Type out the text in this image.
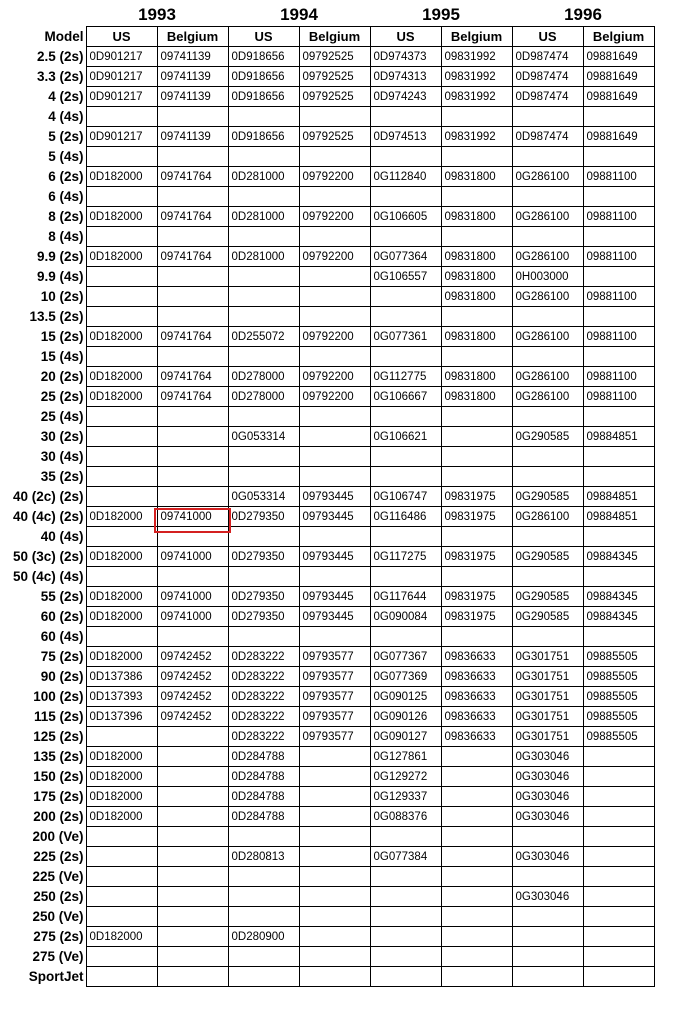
1993	1994	1995	1996
Model	US	Belgium	US	Belgium	US	Belgium	US	Belgium
2.5 (2s)	0D901217	09741139	0D918656	09792525	0D974373	09831992	0D987474	09881649
3.3 (2s)	0D901217	09741139	0D918656	09792525	0D974313	09831992	0D987474	09881649
4 (2s)	0D901217	09741139	0D918656	09792525	0D974243	09831992	0D987474	09881649
4 (4s)								
5 (2s)	0D901217	09741139	0D918656	09792525	0D974513	09831992	0D987474	09881649
5 (4s)								
6 (2s)	0D182000	09741764	0D281000	09792200	0G112840	09831800	0G286100	09881100
6 (4s)								
8 (2s)	0D182000	09741764	0D281000	09792200	0G106605	09831800	0G286100	09881100
8 (4s)								
9.9 (2s)	0D182000	09741764	0D281000	09792200	0G077364	09831800	0G286100	09881100
9.9 (4s)					0G106557	09831800	0H003000	
10 (2s)						09831800	0G286100	09881100
13.5 (2s)								
15 (2s)	0D182000	09741764	0D255072	09792200	0G077361	09831800	0G286100	09881100
15 (4s)								
20 (2s)	0D182000	09741764	0D278000	09792200	0G112775	09831800	0G286100	09881100
25 (2s)	0D182000	09741764	0D278000	09792200	0G106667	09831800	0G286100	09881100
25 (4s)								
30 (2s)			0G053314		0G106621		0G290585	09884851
30 (4s)								
35 (2s)								
40 (2c) (2s)			0G053314	09793445	0G106747	09831975	0G290585	09884851
40 (4c) (2s)	0D182000	09741000	0D279350	09793445	0G116486	09831975	0G286100	09884851
40 (4s)								
50 (3c) (2s)	0D182000	09741000	0D279350	09793445	0G117275	09831975	0G290585	09884345
50 (4c) (4s)								
55 (2s)	0D182000	09741000	0D279350	09793445	0G117644	09831975	0G290585	09884345
60 (2s)	0D182000	09741000	0D279350	09793445	0G090084	09831975	0G290585	09884345
60 (4s)								
75 (2s)	0D182000	09742452	0D283222	09793577	0G077367	09836633	0G301751	09885505
90 (2s)	0D137386	09742452	0D283222	09793577	0G077369	09836633	0G301751	09885505
100 (2s)	0D137393	09742452	0D283222	09793577	0G090125	09836633	0G301751	09885505
115 (2s)	0D137396	09742452	0D283222	09793577	0G090126	09836633	0G301751	09885505
125 (2s)			0D283222	09793577	0G090127	09836633	0G301751	09885505
135 (2s)	0D182000		0D284788		0G127861		0G303046	
150 (2s)	0D182000		0D284788		0G129272		0G303046	
175 (2s)	0D182000		0D284788		0G129337		0G303046	
200 (2s)	0D182000		0D284788		0G088376		0G303046	
200 (Ve)								
225 (2s)			0D280813		0G077384		0G303046	
225 (Ve)								
250 (2s)							0G303046	
250 (Ve)								
275 (2s)	0D182000		0D280900					
275 (Ve)								
SportJet								
